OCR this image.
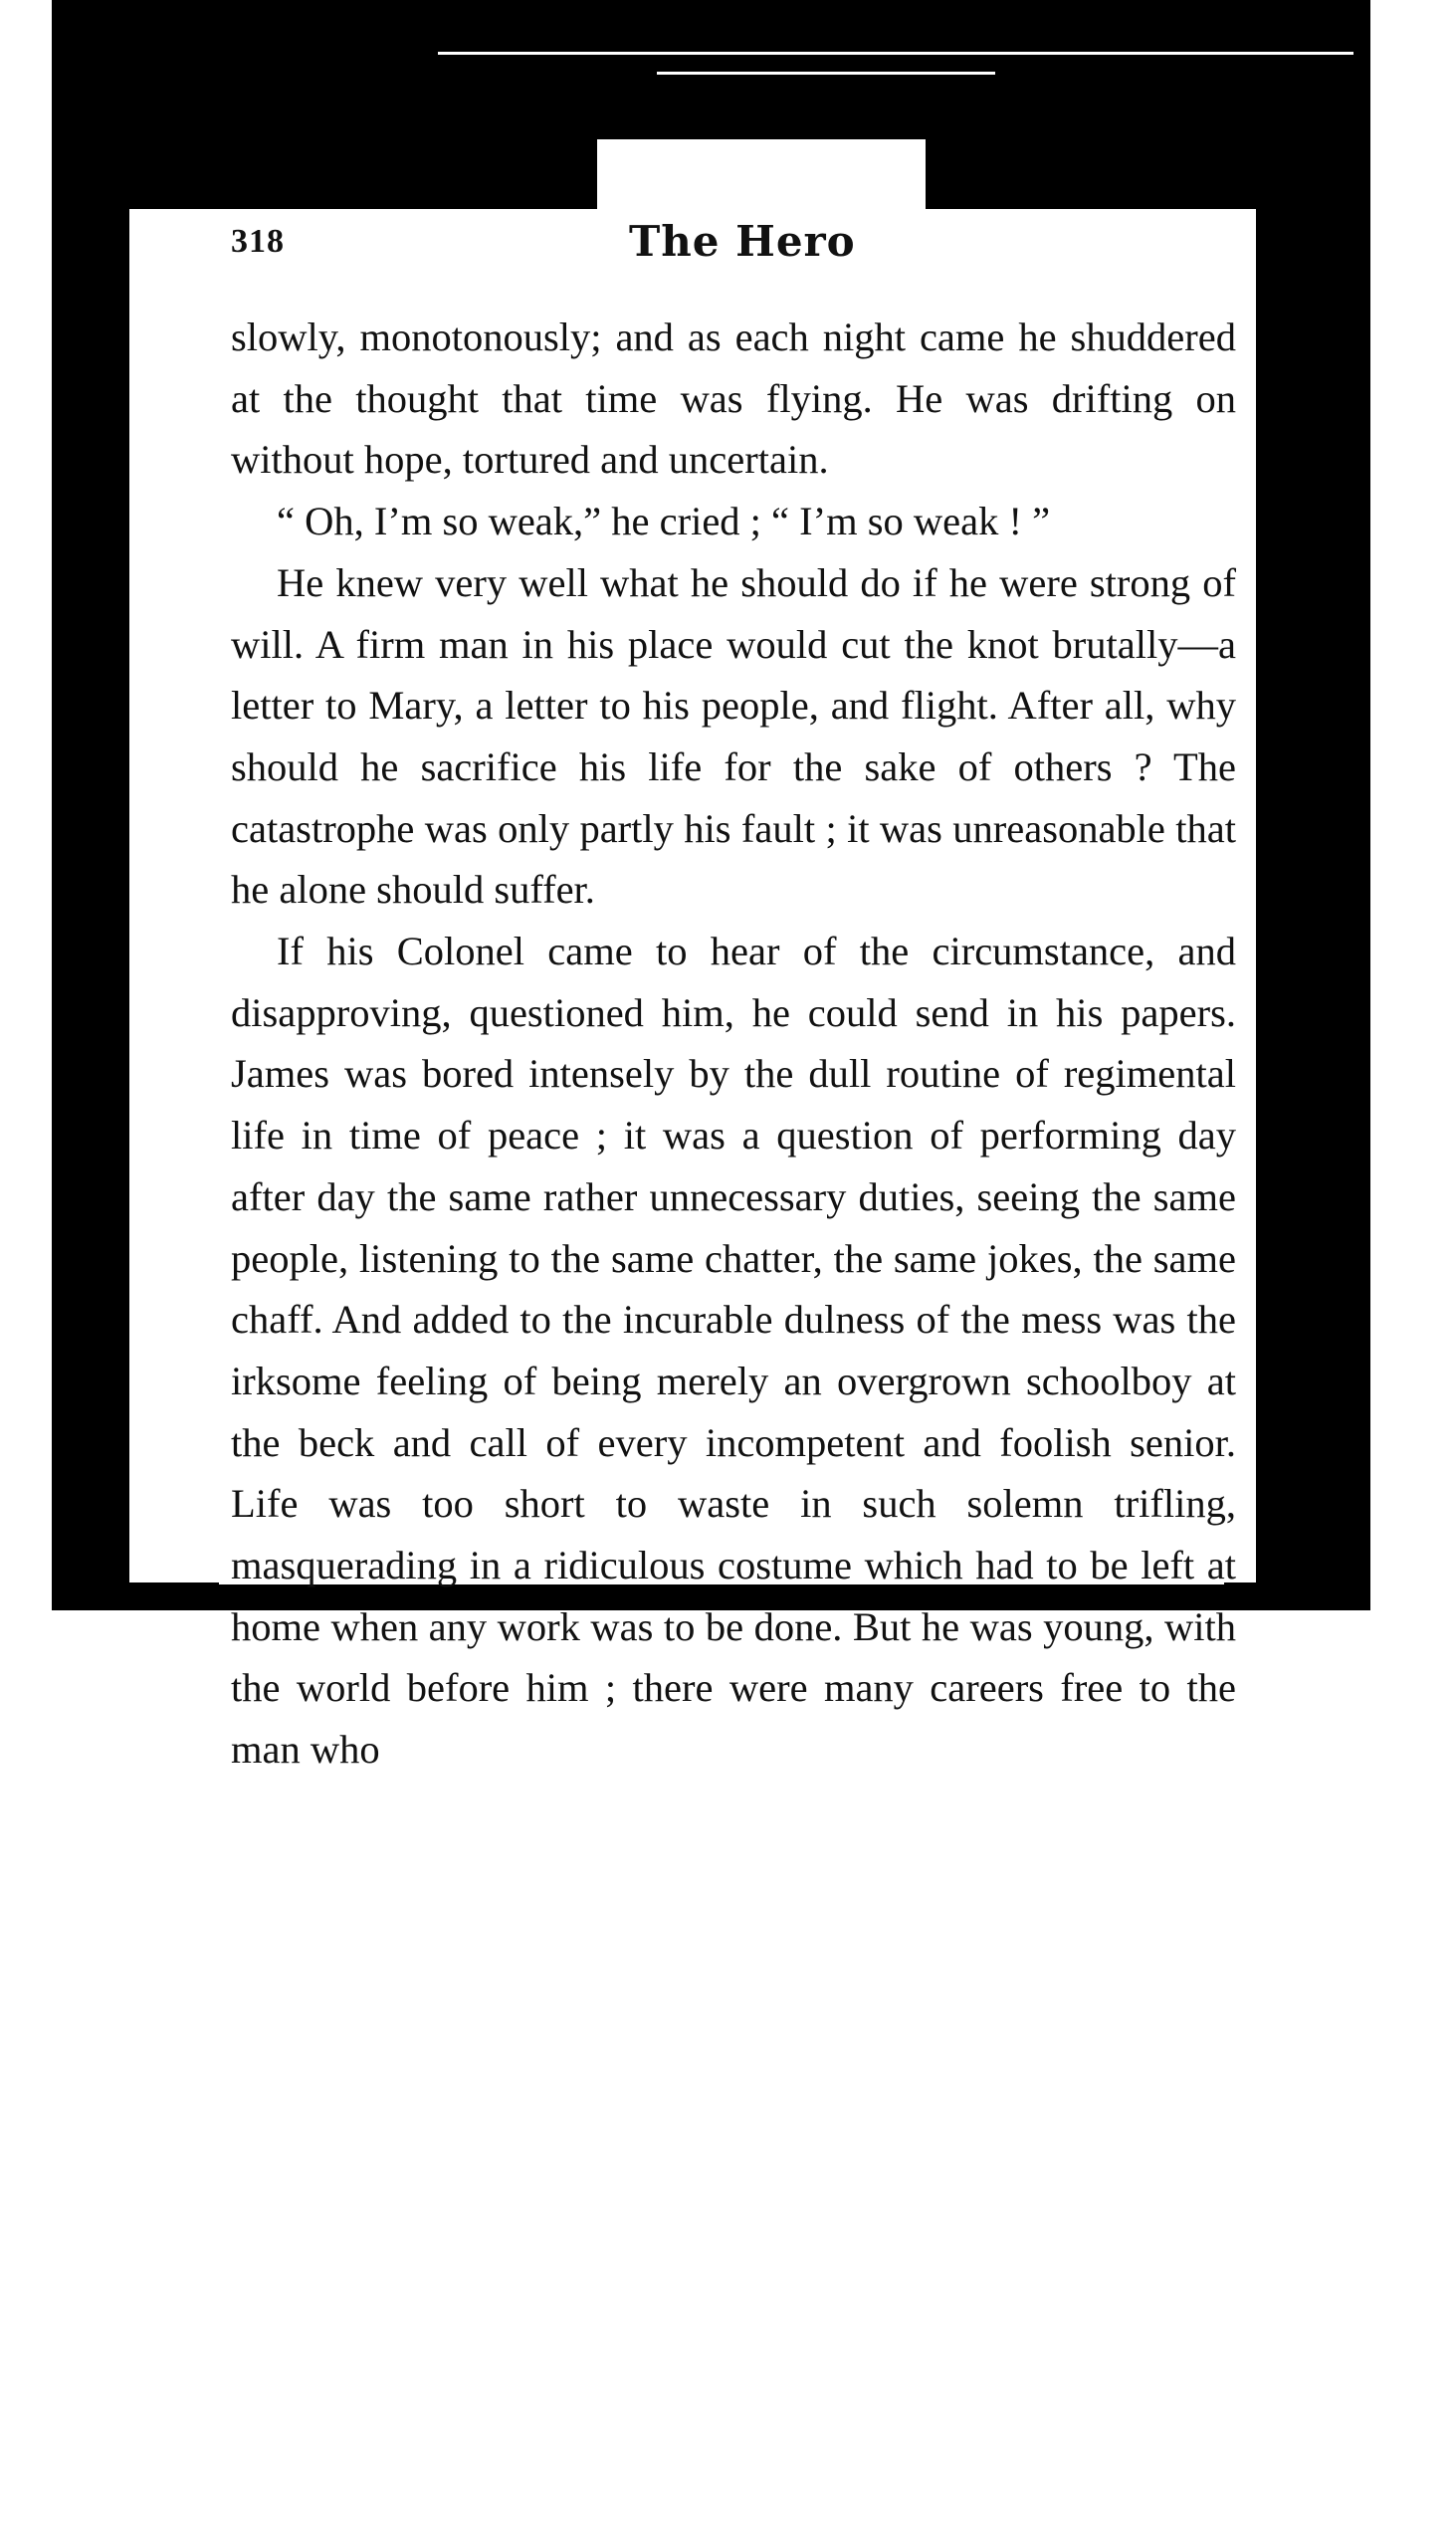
318	The Hero

slowly, monotonously; and as each night came he shuddered at the thought that time was flying. He was drifting on without hope, tortured and uncertain.

“ Oh, I’m so weak,” he cried ; “ I’m so weak ! ”

He knew very well what he should do if he were strong of will. A firm man in his place would cut the knot brutally—a letter to Mary, a letter to his people, and flight. After all, why should he sacrifice his life for the sake of others ? The catastrophe was only partly his fault ; it was unreasonable that he alone should suffer.

If his Colonel came to hear of the circumstance, and disapproving, questioned him, he could send in his papers. James was bored intensely by the dull routine of regimental life in time of peace ; it was a question of performing day after day the same rather unnecessary duties, seeing the same people, listening to the same chatter, the same jokes, the same chaff. And added to the incurable dulness of the mess was the irksome feeling of being merely an overgrown schoolboy at the beck and call of every incompetent and foolish senior. Life was too short to waste in such solemn trifling, masquerading in a ridiculous costume which had to be left at home when any work was to be done. But he was young, with the world before him ; there were many careers free to the man who
